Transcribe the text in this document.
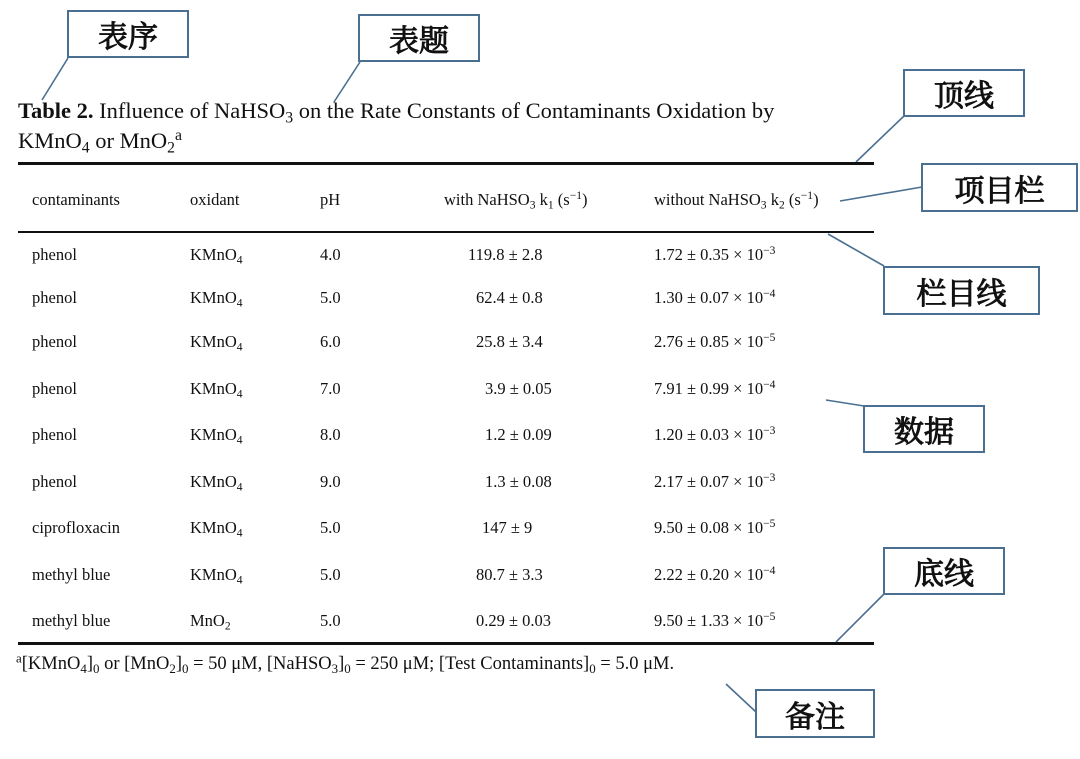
表序	表题
顶线
项目栏
栏目线
数据
底线
备注
Table 2. Influence of NaHSO$_3$ on the Rate Constants of Contaminants Oxidation by
KMnO$_4$ or MnO$_2^a$
contaminants	oxidant	pH	with NaHSO$_3$ $k_1$ $(s^{-1})$	without NaHSO$_3$ $k_2$ $(s^{-1})$
phenol	KMnO$_4$	4.0	119.8 ± 2.8	$1.72 \pm 0.35 \times 10^{-3}$
phenol	KMnO$_4$	5.0	62.4 ± 0.8	$1.30 \pm 0.07 \times 10^{-4}$
phenol	KMnO$_4$	6.0	25.8 ± 3.4	$2.76 \pm 0.85 \times 10^{-5}$
phenol	KMnO$_4$	7.0	3.9 ± 0.05	$7.91 \pm 0.99 \times 10^{-4}$
phenol	KMnO$_4$	8.0	1.2 ± 0.09	$1.20 \pm 0.03 \times 10^{-3}$
phenol	KMnO$_4$	9.0	1.3 ± 0.08	$2.17 \pm 0.07 \times 10^{-3}$
ciprofloxacin	KMnO$_4$	5.0	147 ± 9	$9.50 \pm 0.08 \times 10^{-5}$
methyl blue	KMnO$_4$	5.0	80.7 ± 3.3	$2.22 \pm 0.20 \times 10^{-4}$
methyl blue	MnO$_2$	5.0	0.29 ± 0.03	$9.50 \pm 1.33 \times 10^{-5}$
$^a[KMnO_4]_0$ or $[MnO_2]_0 = 50$ μM, $[NaHSO_3]_0 = 250$ μM; [Test $Contaminants]_0 = 5.0$ μM.
